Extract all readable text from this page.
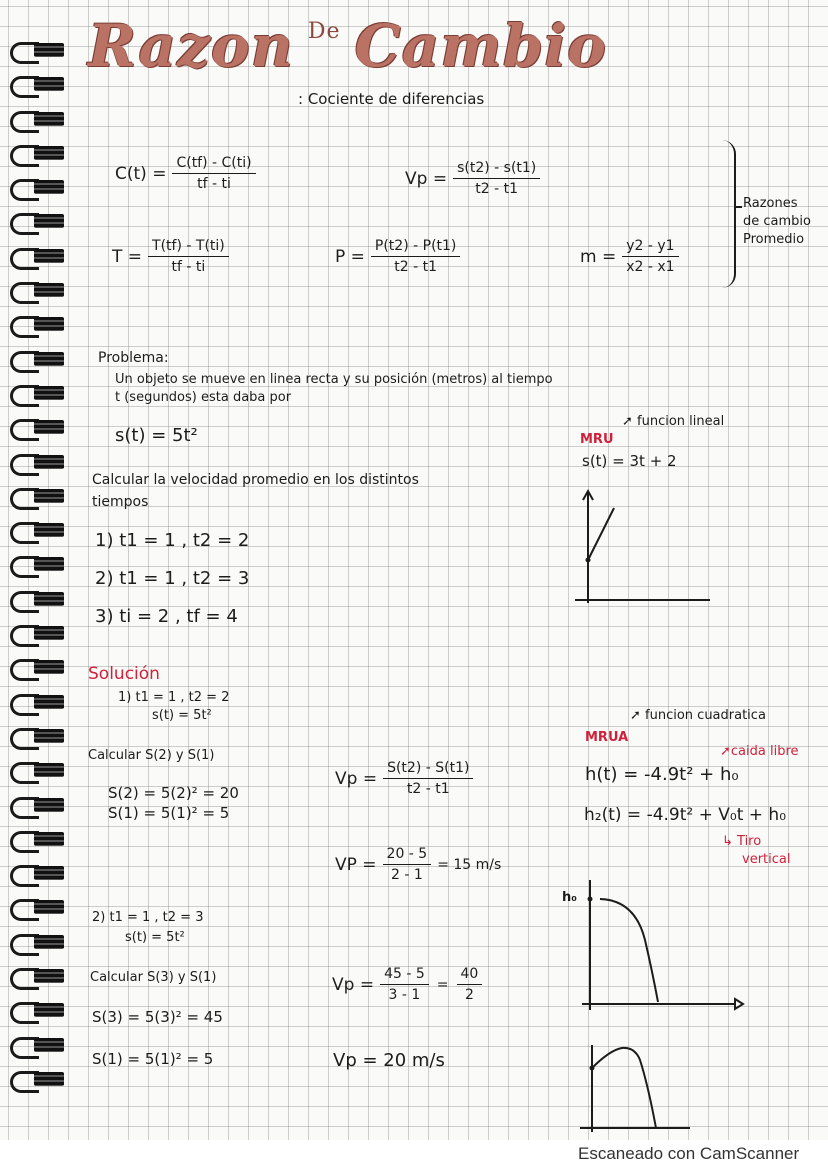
Razon $^{De}$ Cambio
: Cociente de diferencias
$C(t) = \frac{C(tf) - C(ti)}{tf - ti}$	$Vp = \frac{s(t2) - s(t1)}{t2 - t1}$
$T = \frac{T(tf) - T(ti)}{tf - ti}$	$P = \frac{P(t2) - P(t1)}{t2 - t1}$	$m = \frac{y2 - y1}{x2 - x1}$
Razones
de cambio
Promedio
Problema:
Un objeto se mueve en linea recta y su posición (metros) al tiempo
t (segundos) esta daba por
s(t) = 5t²
Calcular la velocidad promedio en los distintos
tiempos
1) t1 = 1 , t2 = 2
2) t1 = 1 , t2 = 3
3) ti = 2 , tf = 4
➚ funcion lineal
MRU
s(t) = 3t + 2
Solución
1) t1 = 1 , t2 = 2
s(t) = 5t²
Calcular S(2) y S(1)
S(2) = 5(2)² = 20
S(1) = 5(1)² = 5
$Vp = \frac{S(t2) - S(t1)}{t2 - t1}$
VP = $\frac{20 - 5}{2 - 1} = 15$ m/s
2) t1 = 1 , t2 = 3
s(t) = 5t²
Calcular S(3) y S(1)
S(3) = 5(3)² = 45
S(1) = 5(1)² = 5
$Vp = \frac{45 - 5}{3 - 1} = \frac{40}{2}$
Vp = 20 m/s
➚ funcion cuadratica
MRUA
➚caida libre
h(t) = -4.9t² + h₀
h₂(t) = -4.9t² + V₀t + h₀
↳ Tiro
vertical
h₀
Escaneado con CamScanner
